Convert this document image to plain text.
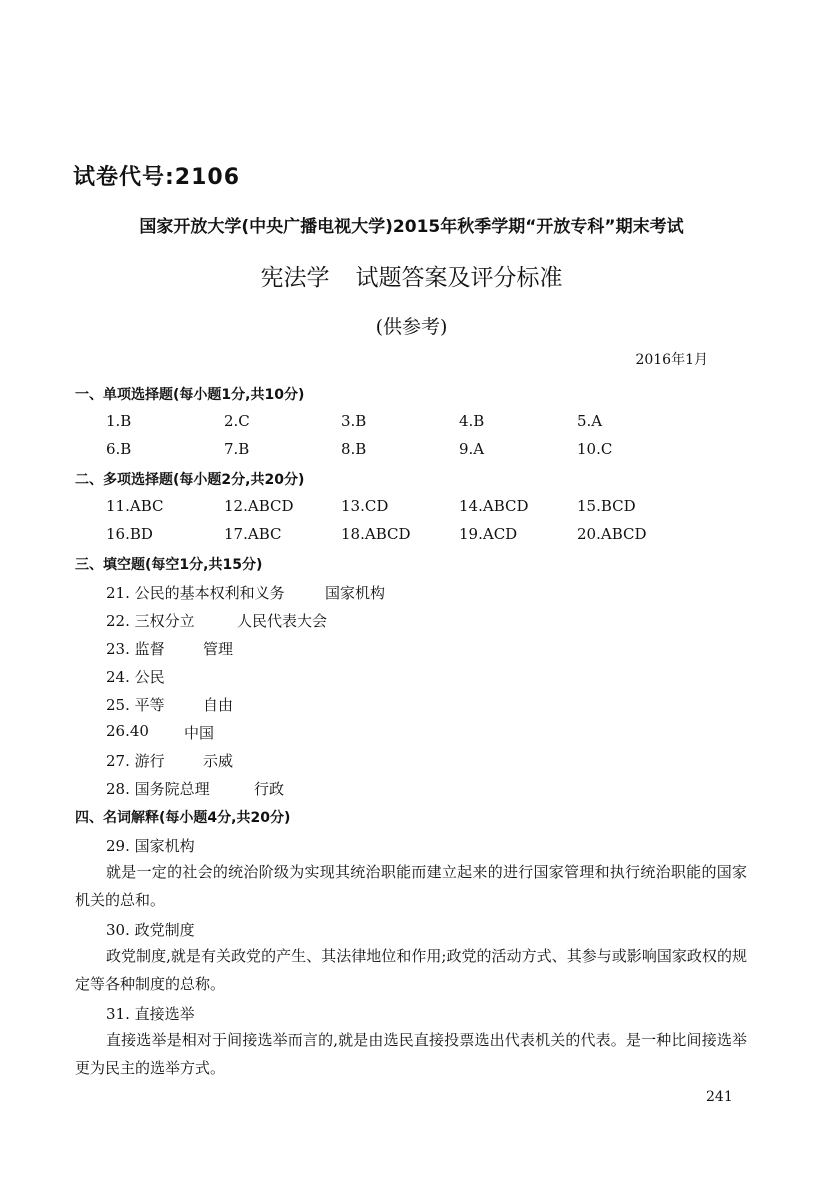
试卷代号:2106
国家开放大学(中央广播电视大学)2015年秋季学期“开放专科”期末考试
宪法学 试题答案及评分标准
(供参考)
2016年1月
一、单项选择题(每小题1分,共10分)
1.B	2.C	3.B	4.B	5.A
6.B	7.B	8.B	9.A	10.C
二、多项选择题(每小题2分,共20分)
11.ABC	12.ABCD	13.CD	14.ABCD	15.BCD
16.BD	17.ABC	18.ABCD	19.ACD	20.ABCD
三、填空题(每空1分,共15分)
21. 公民的基本权利和义务	国家机构
22. 三权分立	人民代表大会
23. 监督	管理
24. 公民
25. 平等	自由
26.40 中国
27. 游行	示威
28. 国务院总理	行政
四、名词解释(每小题4分,共20分)
29. 国家机构
就是一定的社会的统治阶级为实现其统治职能而建立起来的进行国家管理和执行统治职能的国家机关的总和。
30. 政党制度
政党制度,就是有关政党的产生、其法律地位和作用;政党的活动方式、其参与或影响国家政权的规定等各种制度的总称。
31. 直接选举
直接选举是相对于间接选举而言的,就是由选民直接投票选出代表机关的代表。是一种比间接选举更为民主的选举方式。
241
